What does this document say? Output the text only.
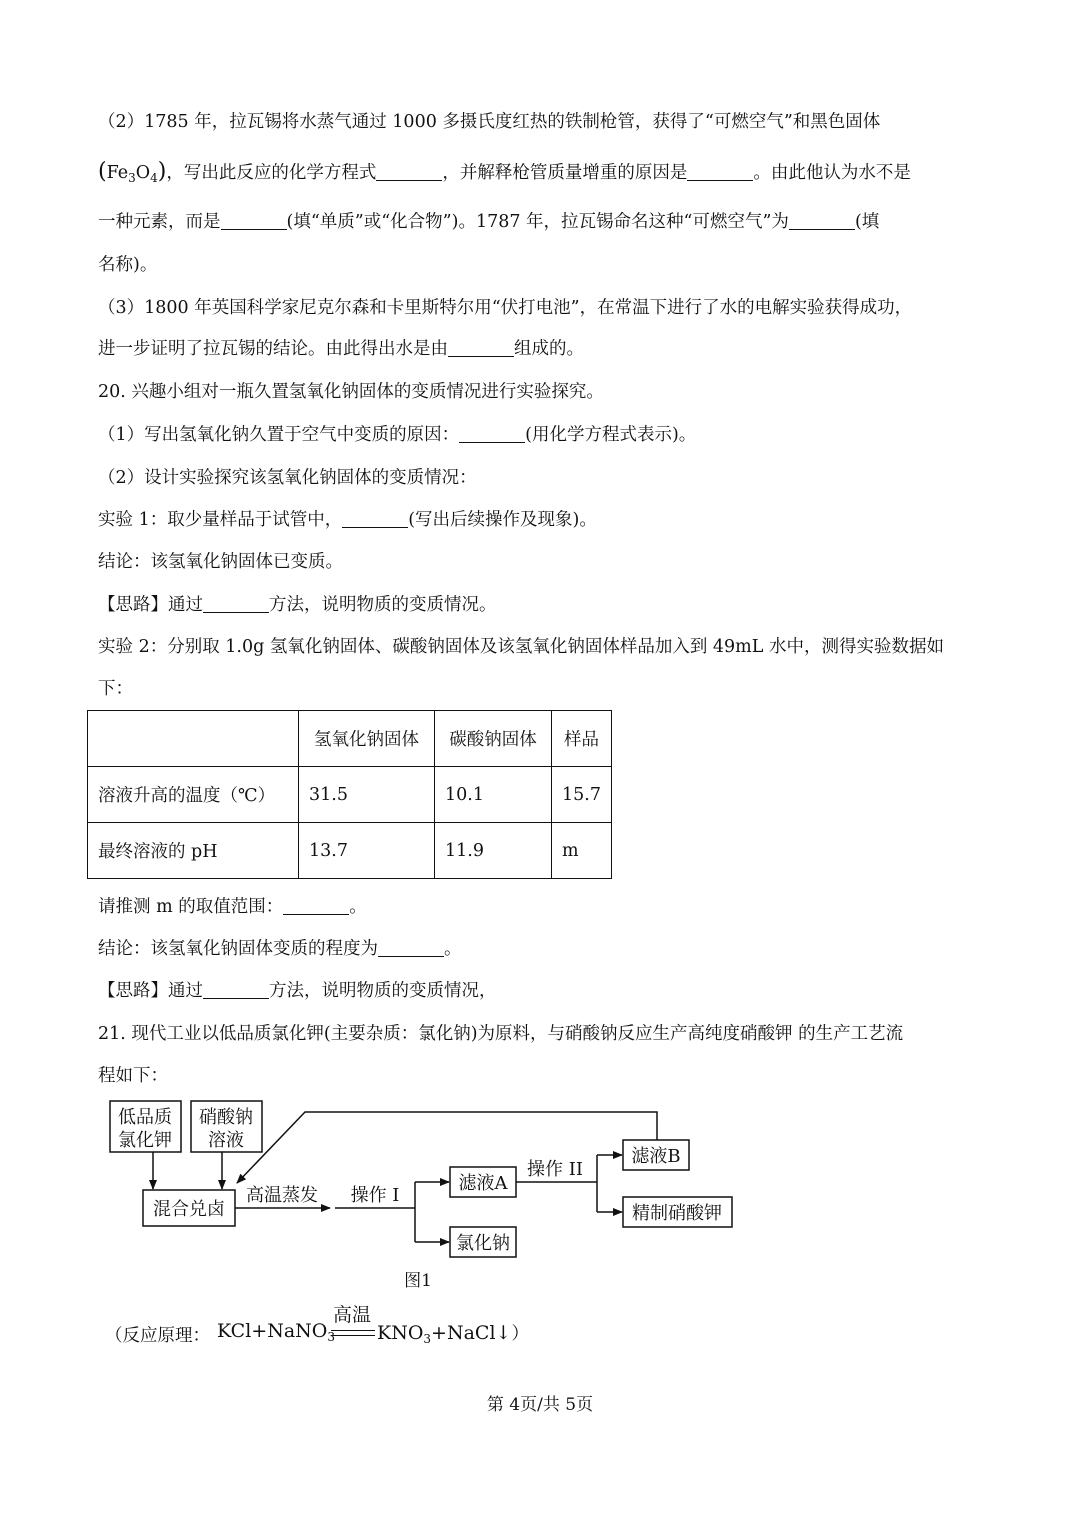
（2）1785 年，拉瓦锡将水蒸气通过 1000 多摄氏度红热的铁制枪管，获得了“可燃空气”和黑色固体
$(Fe_3O_4)$，写出此反应的化学方程式	，并解释枪管质量增重的原因是	。由此他认为水不是
一种元素，而是	(填“单质”或“化合物”)。1787 年，拉瓦锡命名这种“可燃空气”为	(填
名称)。
（3）1800 年英国科学家尼克尔森和卡里斯特尔用“伏打电池”，在常温下进行了水的电解实验获得成功，
进一步证明了拉瓦锡的结论。由此得出水是由	组成的。
20. 兴趣小组对一瓶久置氢氧化钠固体的变质情况进行实验探究。
（1）写出氢氧化钠久置于空气中变质的原因：	(用化学方程式表示)。
（2）设计实验探究该氢氧化钠固体的变质情况：
实验 1：取少量样品于试管中，	(写出后续操作及现象)。
结论：该氢氧化钠固体已变质。
【思路】通过	方法，说明物质的变质情况。
实验 2：分别取 1.0g 氢氧化钠固体、碳酸钠固体及该氢氧化钠固体样品加入到 49mL 水中，测得实验数据如
下：
	氢氧化钠固体	碳酸钠固体	样品
溶液升高的温度（℃）	31.5	10.1	15.7
最终溶液的 pH	13.7	11.9	m
请推测 m 的取值范围：	。
结论：该氢氧化钠固体变质的程度为	。
【思路】通过	方法，说明物质的变质情况，
21. 现代工业以低品质氯化钾(主要杂质：氯化钠)为原料，与硝酸钠反应生产高纯度硝酸钾 的生产工艺流
程如下：
低品质
氯化钾
硝酸钠
溶液
混合兑卤
高温蒸发 操作 I
滤液A
氯化钠
操作 II
滤液B
精制硝酸钾
图1
（反应原理： KCl+NaNO$_3$
高温
$KNO_3+NaCl↓$）
第 4页/共 5页
